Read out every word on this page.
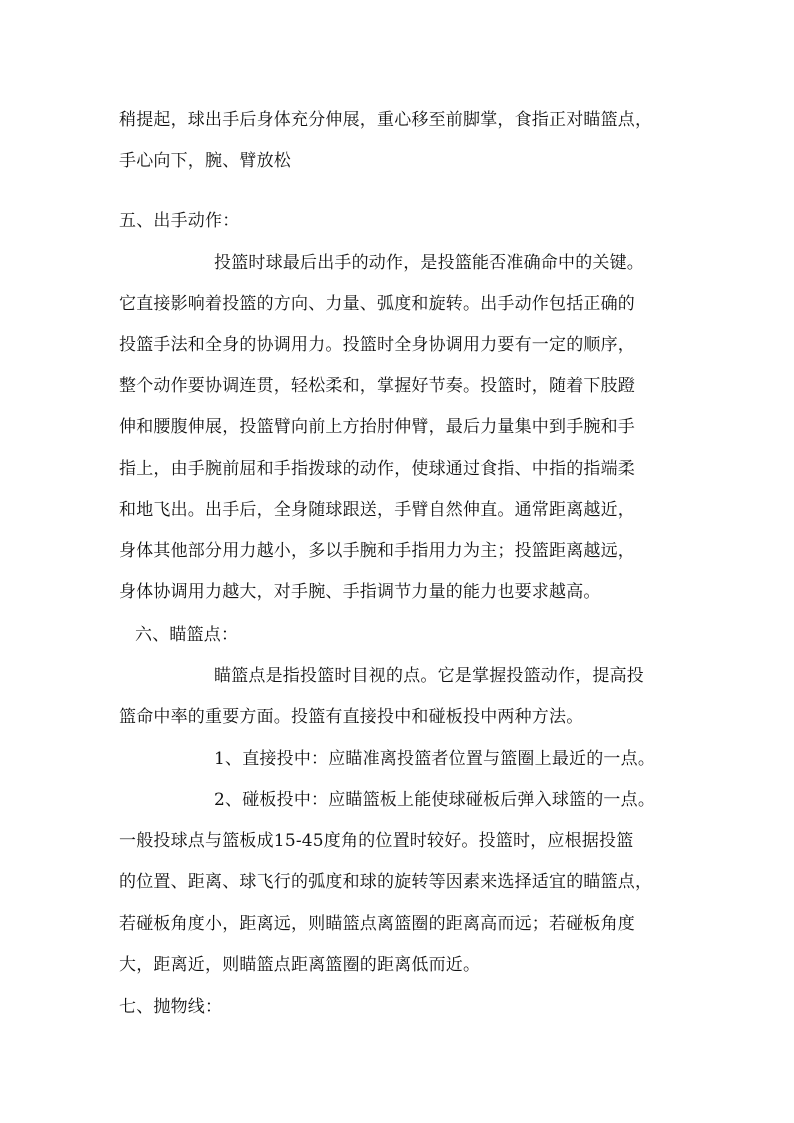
稍提起，球出手后身体充分伸展，重心移至前脚掌，食指正对瞄篮点，
手心向下，腕、臂放松
五、出手动作：
投篮时球最后出手的动作，是投篮能否准确命中的关键。
它直接影响着投篮的方向、力量、弧度和旋转。出手动作包括正确的
投篮手法和全身的协调用力。投篮时全身协调用力要有一定的顺序，
整个动作要协调连贯，轻松柔和，掌握好节奏。投篮时，随着下肢蹬
伸和腰腹伸展，投篮臂向前上方抬肘伸臂，最后力量集中到手腕和手
指上，由手腕前屈和手指拨球的动作，使球通过食指、中指的指端柔
和地飞出。出手后，全身随球跟送，手臂自然伸直。通常距离越近，
身体其他部分用力越小，多以手腕和手指用力为主；投篮距离越远，
身体协调用力越大，对手腕、手指调节力量的能力也要求越高。
六、瞄篮点：
瞄篮点是指投篮时目视的点。它是掌握投篮动作，提高投
篮命中率的重要方面。投篮有直接投中和碰板投中两种方法。
1、直接投中：应瞄准离投篮者位置与篮圈上最近的一点。
2、碰板投中：应瞄篮板上能使球碰板后弹入球篮的一点。
一般投球点与篮板成15-45度角的位置时较好。投篮时，应根据投篮
的位置、距离、球飞行的弧度和球的旋转等因素来选择适宜的瞄篮点，
若碰板角度小，距离远，则瞄篮点离篮圈的距离高而远；若碰板角度
大，距离近，则瞄篮点距离篮圈的距离低而近。
七、抛物线：
